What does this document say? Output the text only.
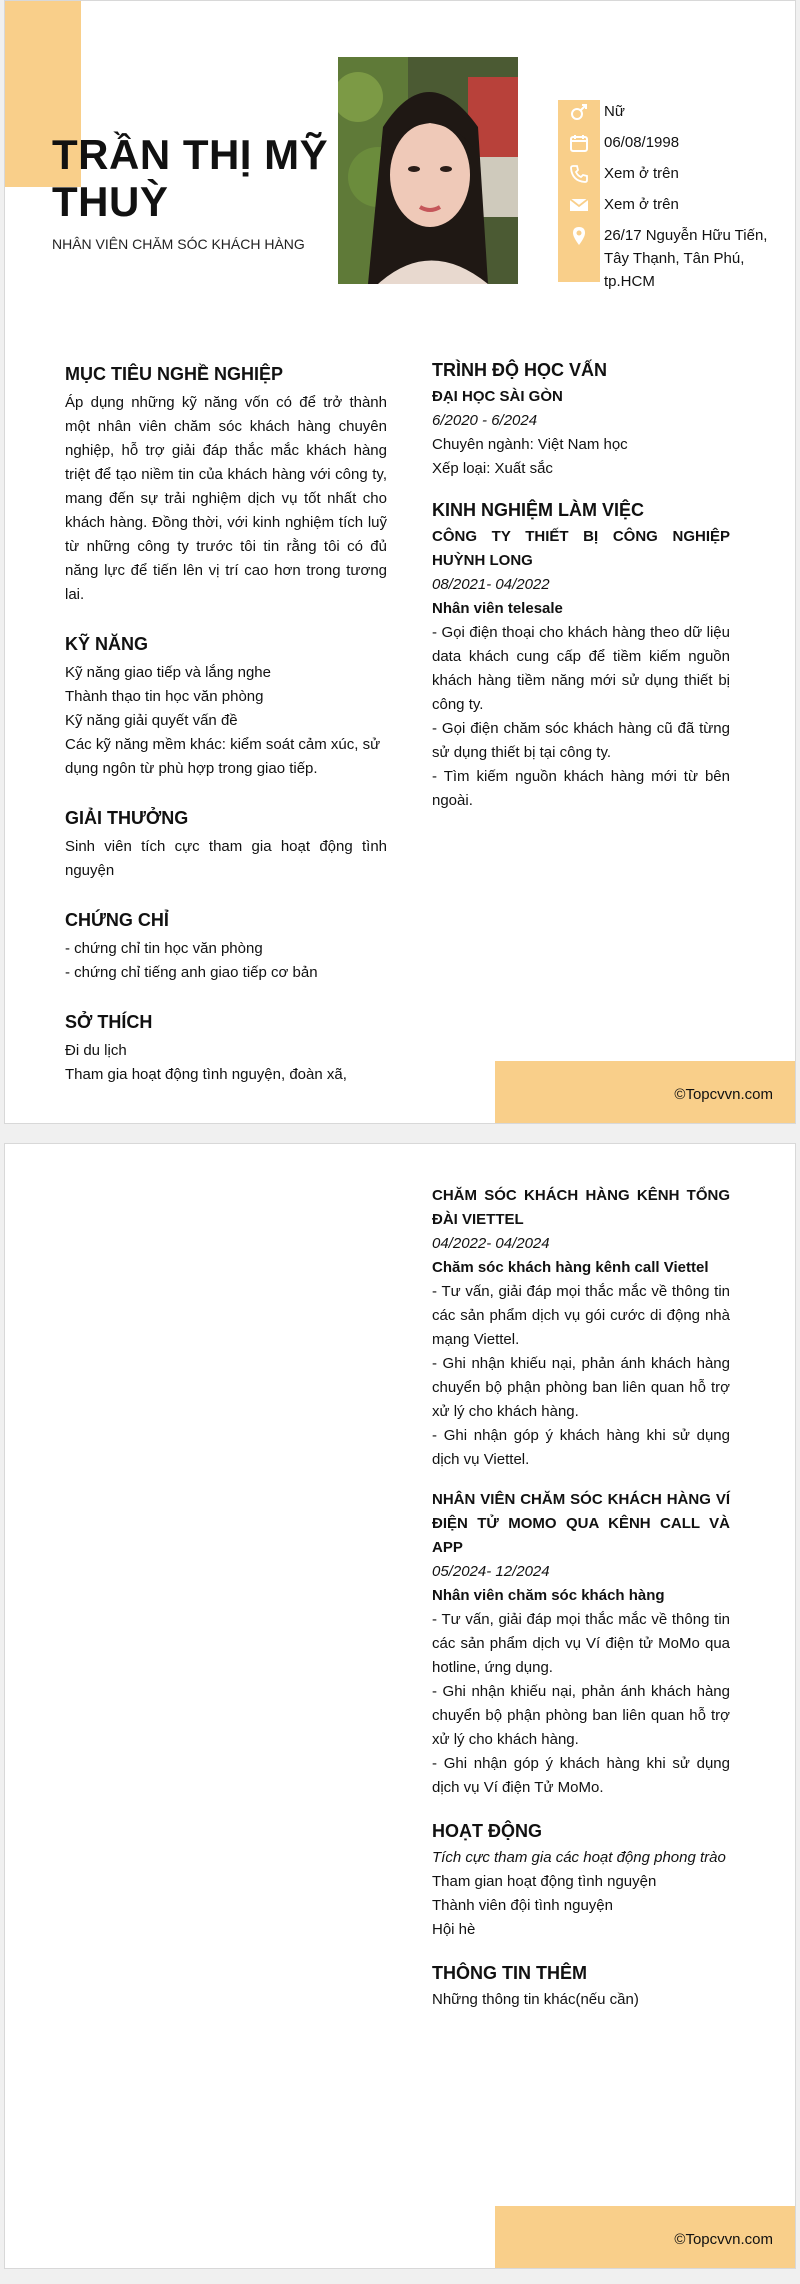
TRẦN THỊ MỸ THUỲ
NHÂN VIÊN CHĂM SÓC KHÁCH HÀNG
Nữ
06/08/1998
Xem ở trên
Xem ở trên
26/17 Nguyễn Hữu Tiến, Tây Thạnh, Tân Phú, tp.HCM
MỤC TIÊU NGHỀ NGHIỆP

Áp dụng những kỹ năng vốn có để trở thành một nhân viên chăm sóc khách hàng chuyên nghiệp, hỗ trợ giải đáp thắc mắc khách hàng triệt để tạo niềm tin của khách hàng với công ty, mang đến sự trải nghiệm dịch vụ tốt nhất cho khách hàng. Đồng thời, với kinh nghiệm tích luỹ từ những công ty trước tôi tin rằng tôi có đủ năng lực để tiến lên vị trí cao hơn trong tương lai.

KỸ NĂNG
Kỹ năng giao tiếp và lắng nghe
Thành thạo tin học văn phòng
Kỹ năng giải quyết vấn đề
Các kỹ năng mềm khác: kiểm soát cảm xúc, sử dụng ngôn từ phù hợp trong giao tiếp.
GIẢI THƯỞNG

Sinh viên tích cực tham gia hoạt động tình nguyện

CHỨNG CHỈ
- chứng chỉ tin học văn phòng
- chứng chỉ tiếng anh giao tiếp cơ bản
SỞ THÍCH
Đi du lịch
Tham gia hoạt động tình nguyện, đoàn xã,
TRÌNH ĐỘ HỌC VẤN
ĐẠI HỌC SÀI GÒN
6/2020 - 6/2024
Chuyên ngành: Việt Nam học
Xếp loại: Xuất sắc
KINH NGHIỆM LÀM VIỆC
CÔNG TY THIẾT BỊ CÔNG NGHIỆP HUỲNH LONG
08/2021- 04/2022
Nhân viên telesale
- Gọi điện thoại cho khách hàng theo dữ liệu data khách cung cấp để tiềm kiếm nguồn khách hàng tiềm năng mới sử dụng thiết bị công ty.
- Gọi điện chăm sóc khách hàng cũ đã từng sử dụng thiết bị tại công ty.
- Tìm kiếm nguồn khách hàng mới từ bên ngoài.
©Topcvvn.com
CHĂM SÓC KHÁCH HÀNG KÊNH TỔNG ĐÀI VIETTEL
04/2022- 04/2024
Chăm sóc khách hàng kênh call Viettel
- Tư vấn, giải đáp mọi thắc mắc về thông tin các sản phẩm dịch vụ gói cước di động nhà mạng Viettel.
- Ghi nhận khiếu nại, phản ánh khách hàng chuyển bộ phận phòng ban liên quan hỗ trợ xử lý cho khách hàng.
- Ghi nhận góp ý khách hàng khi sử dụng dịch vụ Viettel.
NHÂN VIÊN CHĂM SÓC KHÁCH HÀNG VÍ ĐIỆN TỬ MOMO QUA KÊNH CALL VÀ APP
05/2024- 12/2024
Nhân viên chăm sóc khách hàng
- Tư vấn, giải đáp mọi thắc mắc về thông tin các sản phẩm dịch vụ Ví điện tử MoMo qua hotline, ứng dụng.
- Ghi nhận khiếu nại, phản ánh khách hàng chuyển bộ phận phòng ban liên quan hỗ trợ xử lý cho khách hàng.
- Ghi nhận góp ý khách hàng khi sử dụng dịch vụ Ví điện Tử MoMo.
HOẠT ĐỘNG
Tích cực tham gia các hoạt động phong trào
Tham gian hoạt động tình nguyện
Thành viên đội tình nguyện
Hội hè
THÔNG TIN THÊM
Những thông tin khác(nếu cần)
©Topcvvn.com
